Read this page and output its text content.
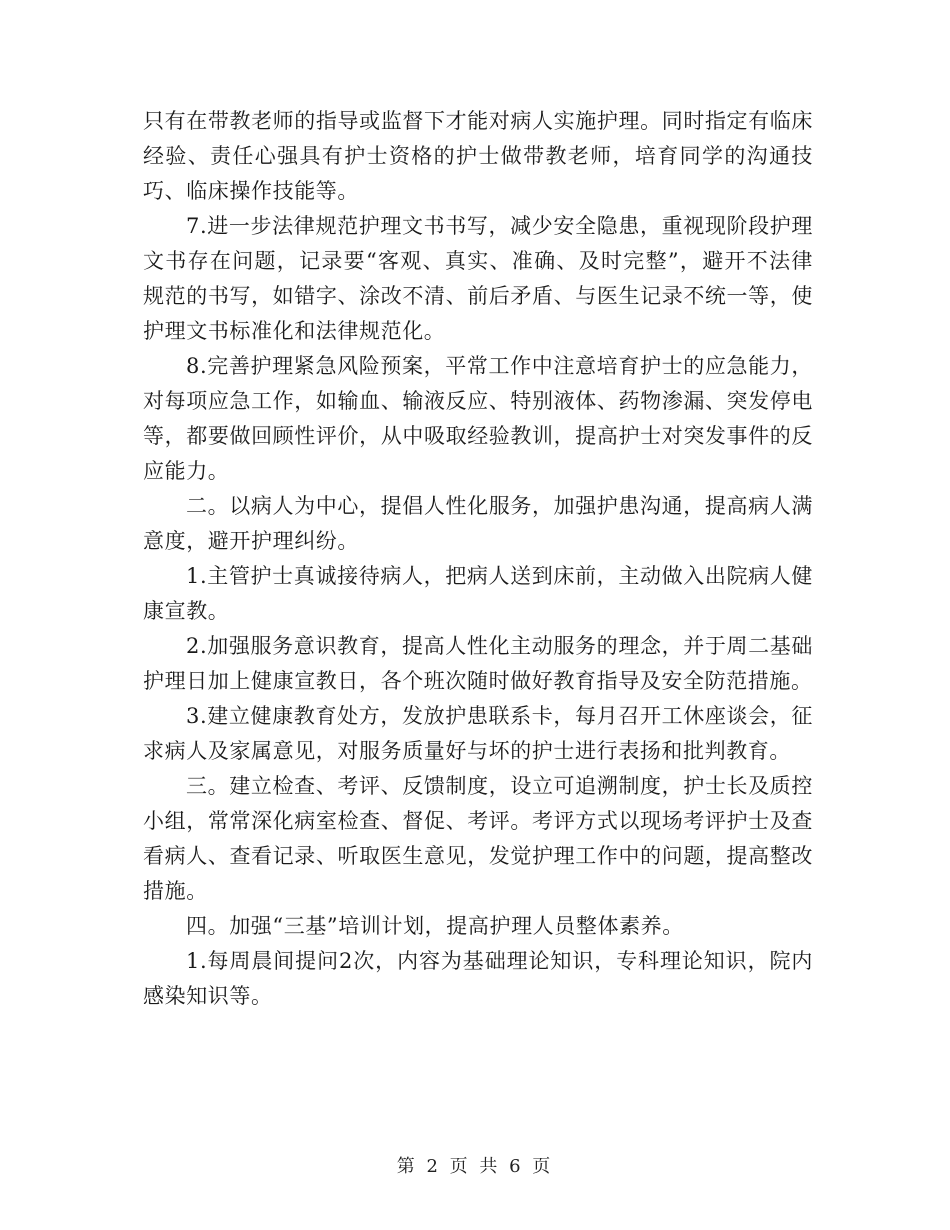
只有在带教老师的指导或监督下才能对病人实施护理。同时指定有临床经验、责任心强具有护士资格的护士做带教老师，培育同学的沟通技巧、临床操作技能等。

7.进一步法律规范护理文书书写，减少安全隐患，重视现阶段护理文书存在问题，记录要“客观、真实、准确、及时完整”，避开不法律规范的书写，如错字、涂改不清、前后矛盾、与医生记录不统一等，使护理文书标准化和法律规范化。

8.完善护理紧急风险预案，平常工作中注意培育护士的应急能力，对每项应急工作，如输血、输液反应、特别液体、药物渗漏、突发停电等，都要做回顾性评价，从中吸取经验教训，提高护士对突发事件的反应能力。

二。以病人为中心，提倡人性化服务，加强护患沟通，提高病人满意度，避开护理纠纷。

1.主管护士真诚接待病人，把病人送到床前，主动做入出院病人健康宣教。

2.加强服务意识教育，提高人性化主动服务的理念，并于周二基础护理日加上健康宣教日，各个班次随时做好教育指导及安全防范措施。

3.建立健康教育处方，发放护患联系卡，每月召开工休座谈会，征求病人及家属意见，对服务质量好与坏的护士进行表扬和批判教育。

三。建立检查、考评、反馈制度，设立可追溯制度，护士长及质控小组，常常深化病室检查、督促、考评。考评方式以现场考评护士及查看病人、查看记录、听取医生意见，发觉护理工作中的问题，提高整改措施。

四。加强“三基”培训计划，提高护理人员整体素养。

1.每周晨间提问2次，内容为基础理论知识，专科理论知识，院内感染知识等。

第 2 页 共 6 页
